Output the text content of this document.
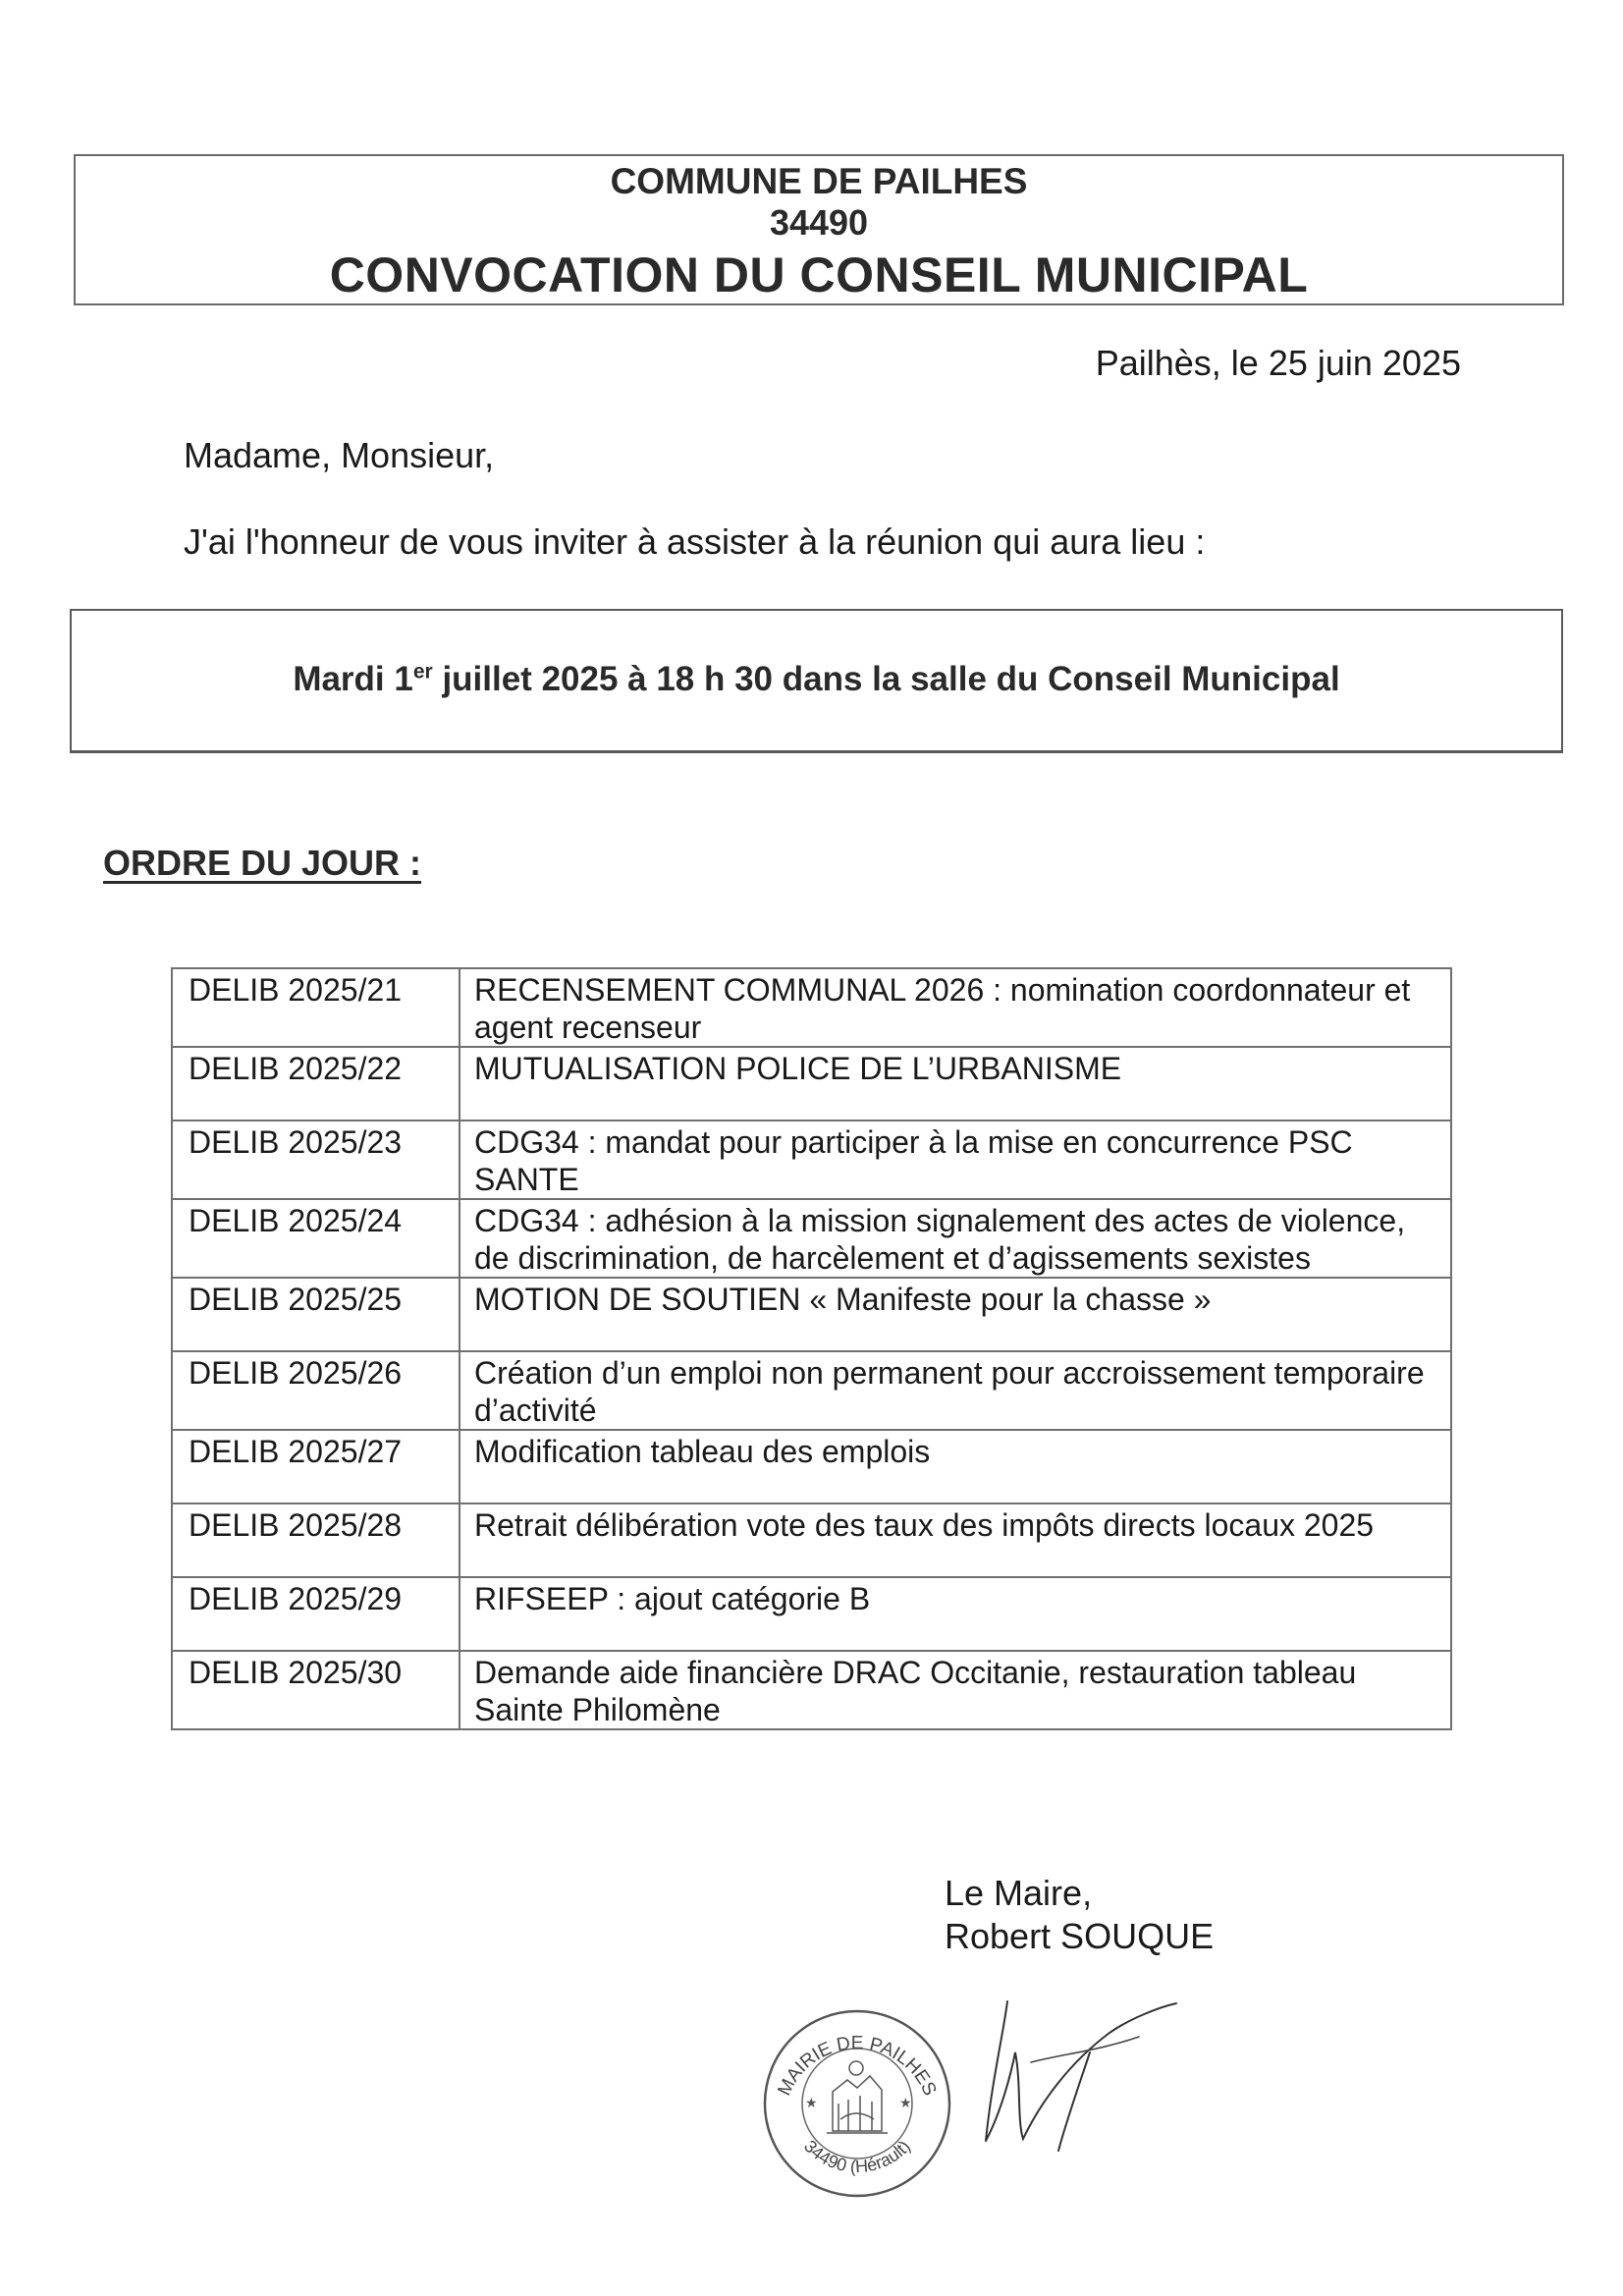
COMMUNE DE PAILHES
34490
CONVOCATION DU CONSEIL MUNICIPAL
Pailhès, le 25 juin 2025
Madame, Monsieur,
J'ai l'honneur de vous inviter à assister à la réunion qui aura lieu :
Mardi 1er juillet 2025 à 18 h 30 dans la salle du Conseil Municipal
ORDRE DU JOUR :
DELIB 2025/21	RECENSEMENT COMMUNAL 2026 : nomination coordonnateur et agent recenseur
DELIB 2025/22	MUTUALISATION POLICE DE L’URBANISME
DELIB 2025/23	CDG34 : mandat pour participer à la mise en concurrence PSC SANTE
DELIB 2025/24	CDG34 : adhésion à la mission signalement des actes de violence, de discrimination, de harcèlement et d’agissements sexistes
DELIB 2025/25	MOTION DE SOUTIEN « Manifeste pour la chasse »
DELIB 2025/26	Création d’un emploi non permanent pour accroissement temporaire d’activité
DELIB 2025/27	Modification tableau des emplois
DELIB 2025/28	Retrait délibération vote des taux des impôts directs locaux 2025
DELIB 2025/29	RIFSEEP : ajout catégorie B
DELIB 2025/30	Demande aide financière DRAC Occitanie, restauration tableau Sainte Philomène
Le Maire,
Robert SOUQUE
MAIRIE DE PAILHES
34490 (Hérault)
★	★
